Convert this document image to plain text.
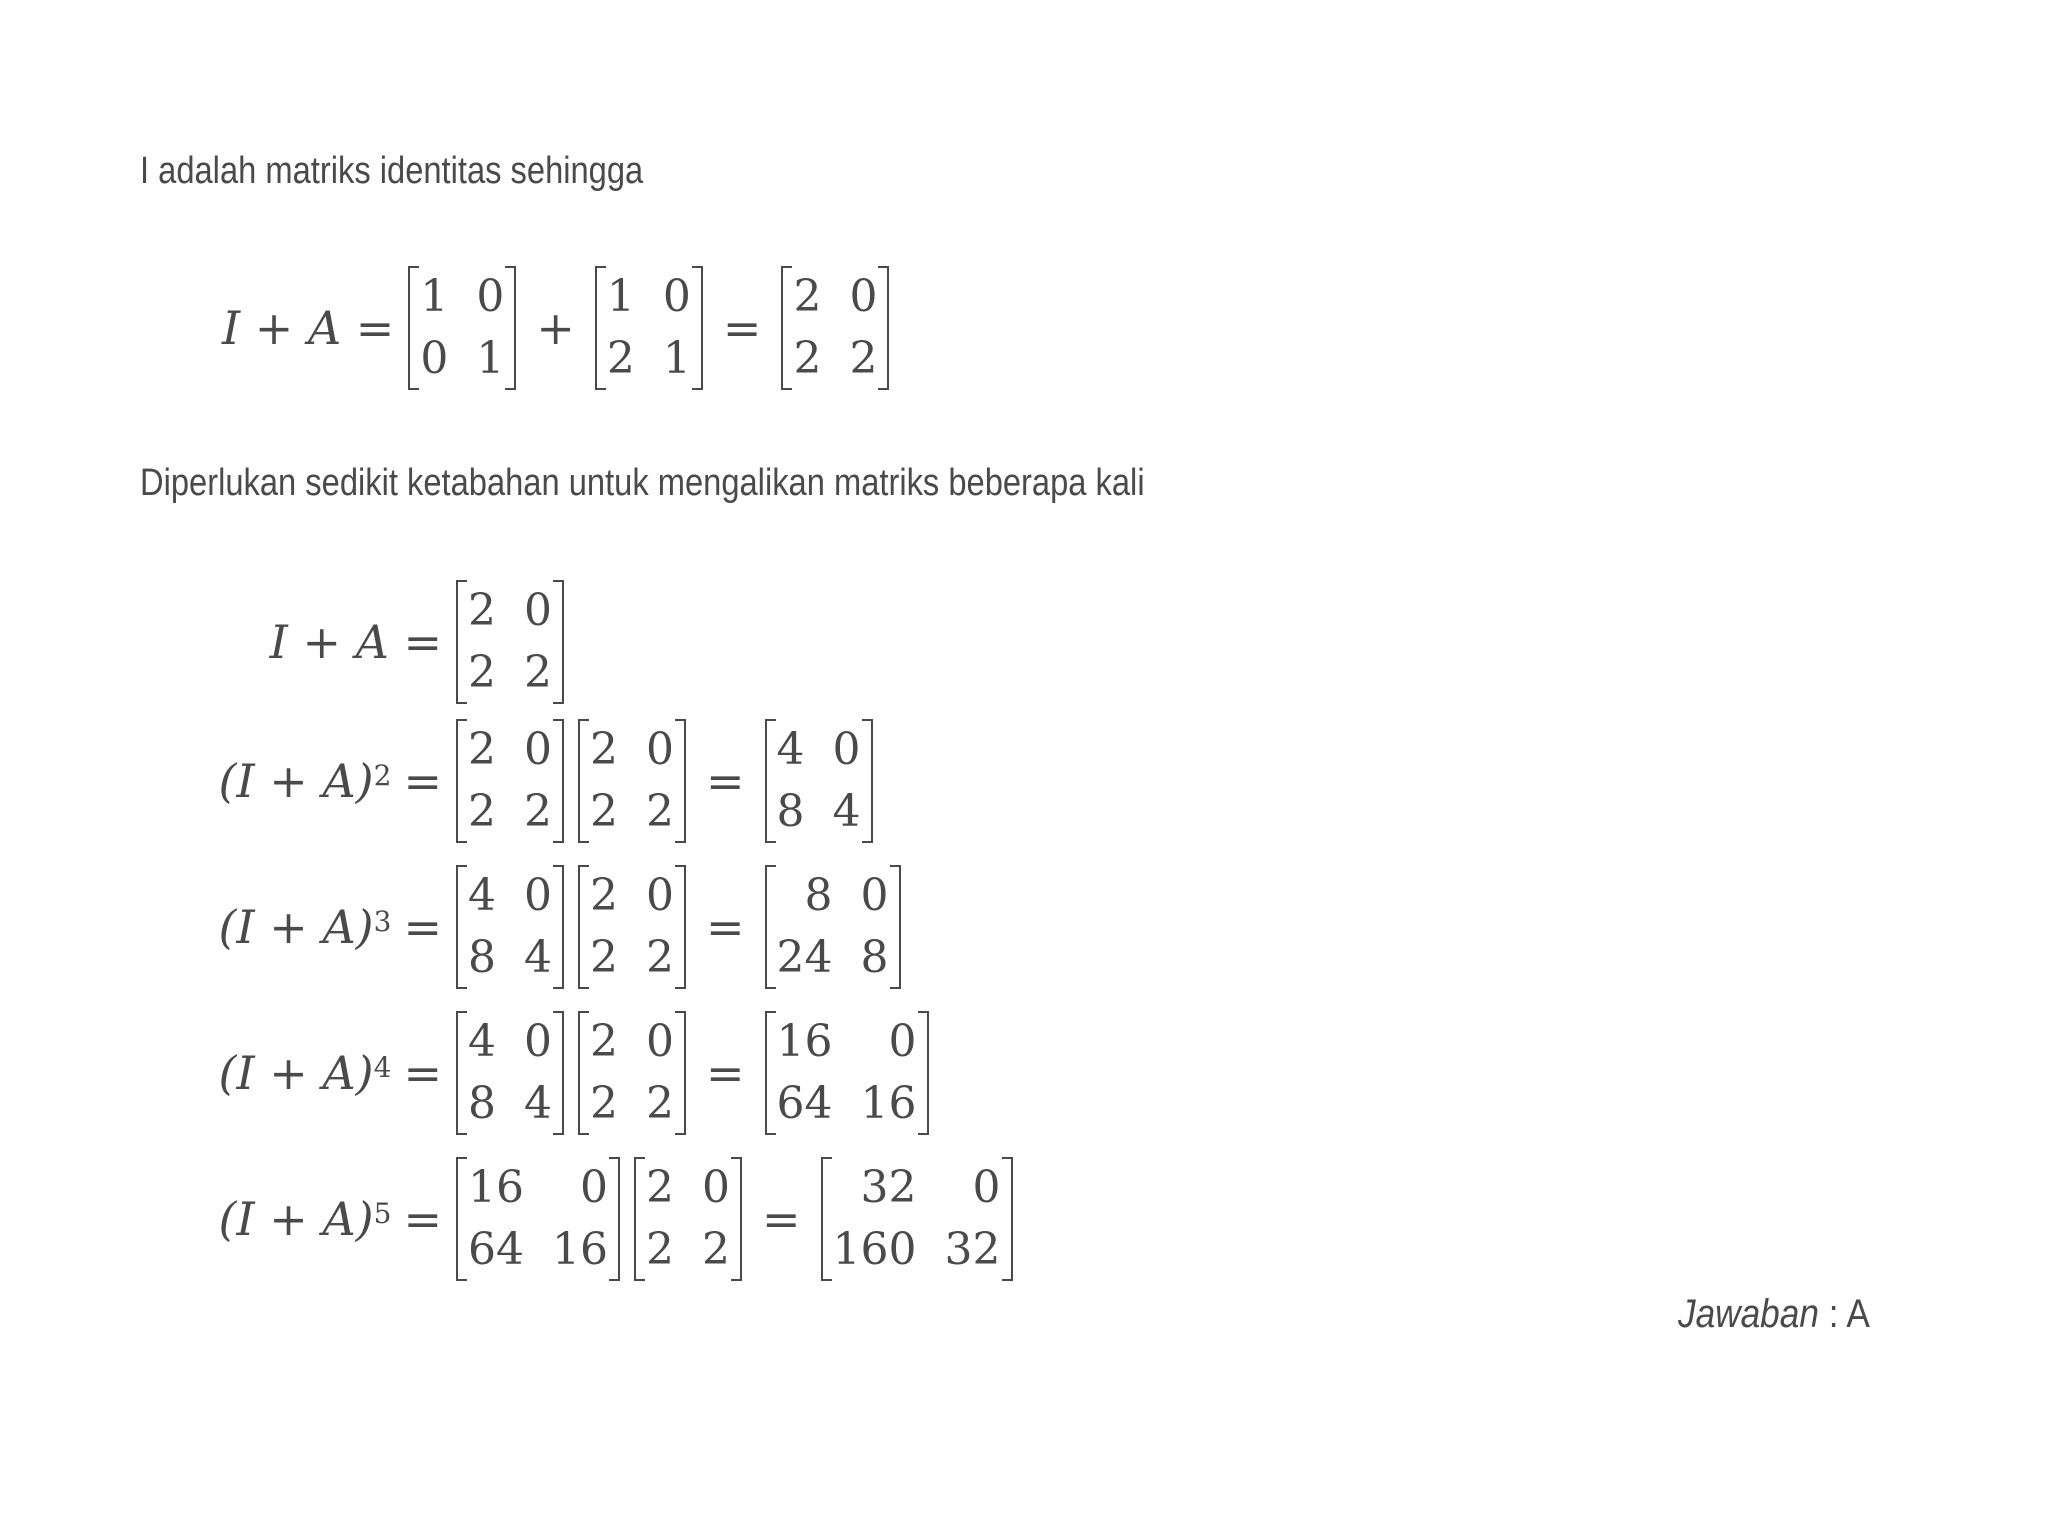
I adalah matriks identitas sehingga
I + A =
1 0
0 1
+
1 0
2 1
=
2 0
2 2
Diperlukan sedikit ketabahan untuk mengalikan matriks beberapa kali
I + A =
2 0
2 2
$(I + A)^2$ =
2 0
2 2
2 0
2 2
=
4 0
8 4
$(I + A)^3$ =
4 0
8 4
2 0
2 2
=
8 0
24 8
$(I + A)^4$ =
4 0
8 4
2 0
2 2
=
16	0
64 16
$(I + A)^5$ =
16	0
64 16
2 0
2 2
=
32	0
160 32
Jawaban : A
